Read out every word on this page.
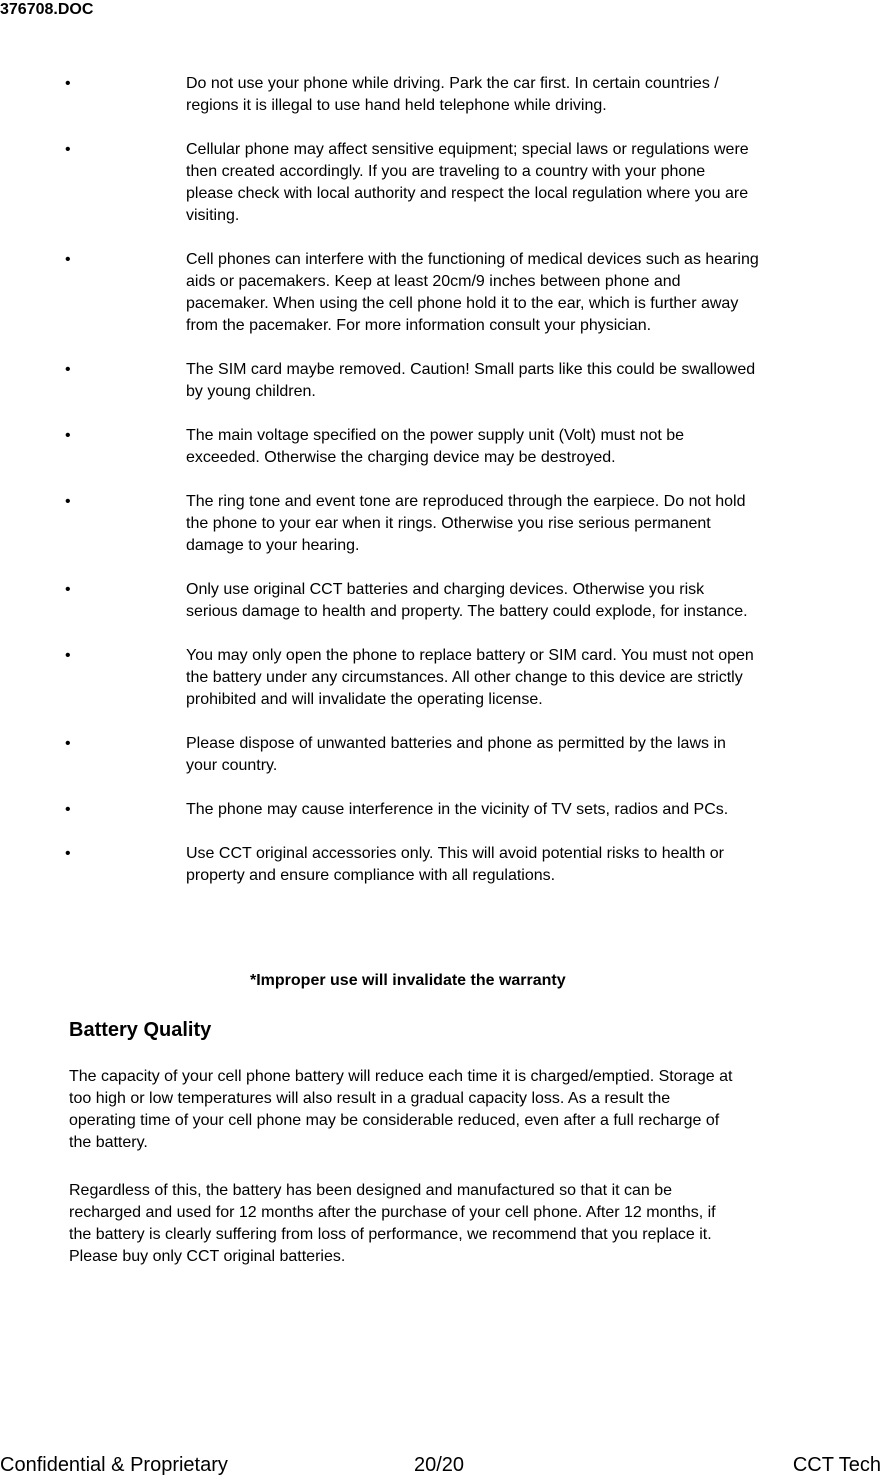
376708.DOC
•	Do not use your phone while driving. Park the car first. In certain countries /
regions it is illegal to use hand held telephone while driving.
•	Cellular phone may affect sensitive equipment; special laws or regulations were
then created accordingly. If you are traveling to a country with your phone
please check with local authority and respect the local regulation where you are
visiting.
•	Cell phones can interfere with the functioning of medical devices such as hearing
aids or pacemakers. Keep at least 20cm/9 inches between phone and
pacemaker. When using the cell phone hold it to the ear, which is further away
from the pacemaker. For more information consult your physician.
•	The SIM card maybe removed. Caution! Small parts like this could be swallowed
by young children.
•	The main voltage specified on the power supply unit (Volt) must not be
exceeded. Otherwise the charging device may be destroyed.
•	The ring tone and event tone are reproduced through the earpiece. Do not hold
the phone to your ear when it rings. Otherwise you rise serious permanent
damage to your hearing.
•	Only use original CCT batteries and charging devices. Otherwise you risk
serious damage to health and property. The battery could explode, for instance.
•	You may only open the phone to replace battery or SIM card. You must not open
the battery under any circumstances. All other change to this device are strictly
prohibited and will invalidate the operating license.
•	Please dispose of unwanted batteries and phone as permitted by the laws in
your country.
•	The phone may cause interference in the vicinity of TV sets, radios and PCs.
•	Use CCT original accessories only. This will avoid potential risks to health or
property and ensure compliance with all regulations.
*Improper use will invalidate the warranty
Battery Quality

The capacity of your cell phone battery will reduce each time it is charged/emptied. Storage at
too high or low temperatures will also result in a gradual capacity loss. As a result the
operating time of your cell phone may be considerable reduced, even after a full recharge of
the battery.

Regardless of this, the battery has been designed and manufactured so that it can be
recharged and used for 12 months after the purchase of your cell phone. After 12 months, if
the battery is clearly suffering from loss of performance, we recommend that you replace it.
Please buy only CCT original batteries.

Confidential & Proprietary	20/20	CCT Tech
